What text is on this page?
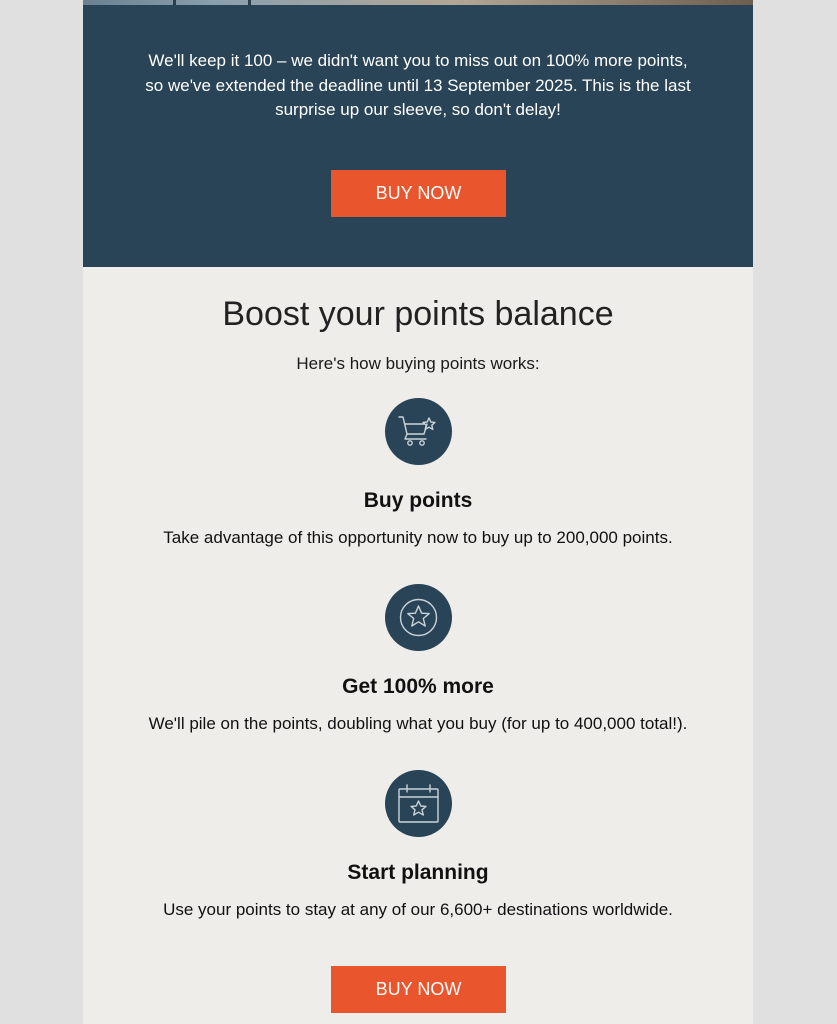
We'll keep it 100 – we didn't want you to miss out on 100% more points, so we've extended the deadline until 13 September 2025. This is the last surprise up our sleeve, so don't delay!
BUY NOW
Boost your points balance
Here's how buying points works:
Buy points
Take advantage of this opportunity now to buy up to 200,000 points.
Get 100% more
We'll pile on the points, doubling what you buy (for up to 400,000 total!).
Start planning
Use your points to stay at any of our 6,600+ destinations worldwide.
BUY NOW
